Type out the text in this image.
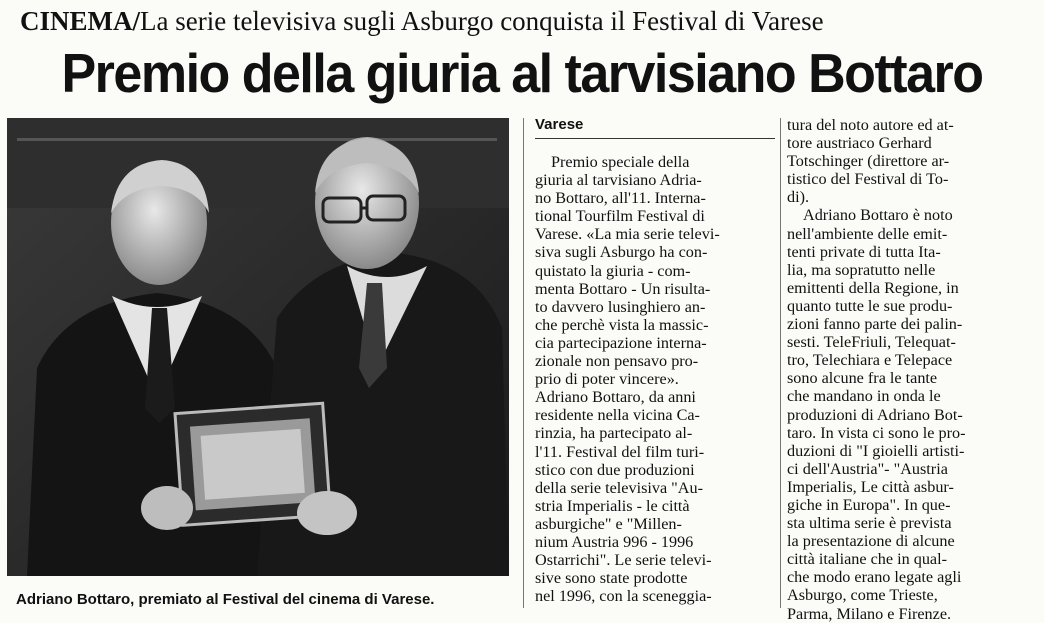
CINEMA/La serie televisiva sugli Asburgo conquista il Festival di Varese
Premio della giuria al tarvisiano Bottaro
Adriano Bottaro, premiato al Festival del cinema di Varese.
Varese
Premio speciale della
giuria al tarvisiano Adria-
no Bottaro, all'11. Interna-
tional Tourfilm Festival di
Varese. «La mia serie televi-
siva sugli Asburgo ha con-
quistato la giuria - com-
menta Bottaro - Un risulta-
to davvero lusinghiero an-
che perchè vista la massic-
cia partecipazione interna-
zionale non pensavo pro-
prio di poter vincere».
Adriano Bottaro, da anni
residente nella vicina Ca-
rinzia, ha partecipato al-
l'11. Festival del film turi-
stico con due produzioni
della serie televisiva "Au-
stria Imperialis - le città
asburgiche" e "Millen-
nium Austria 996 - 1996
Ostarrichi". Le serie televi-
sive sono state prodotte
nel 1996, con la sceneggia-
tura del noto autore ed at-
tore austriaco Gerhard
Totschinger (direttore ar-
tistico del Festival di To-
di).
Adriano Bottaro è noto
nell'ambiente delle emit-
tenti private di tutta Ita-
lia, ma sopratutto nelle
emittenti della Regione, in
quanto tutte le sue produ-
zioni fanno parte dei palin-
sesti. TeleFriuli, Telequat-
tro, Telechiara e Telepace
sono alcune fra le tante
che mandano in onda le
produzioni di Adriano Bot-
taro. In vista ci sono le pro-
duzioni di "I gioielli artisti-
ci dell'Austria"- "Austria
Imperialis, Le città asbur-
giche in Europa". In que-
sta ultima serie è prevista
la presentazione di alcune
città italiane che in qual-
che modo erano legate agli
Asburgo, come Trieste,
Parma, Milano e Firenze.
